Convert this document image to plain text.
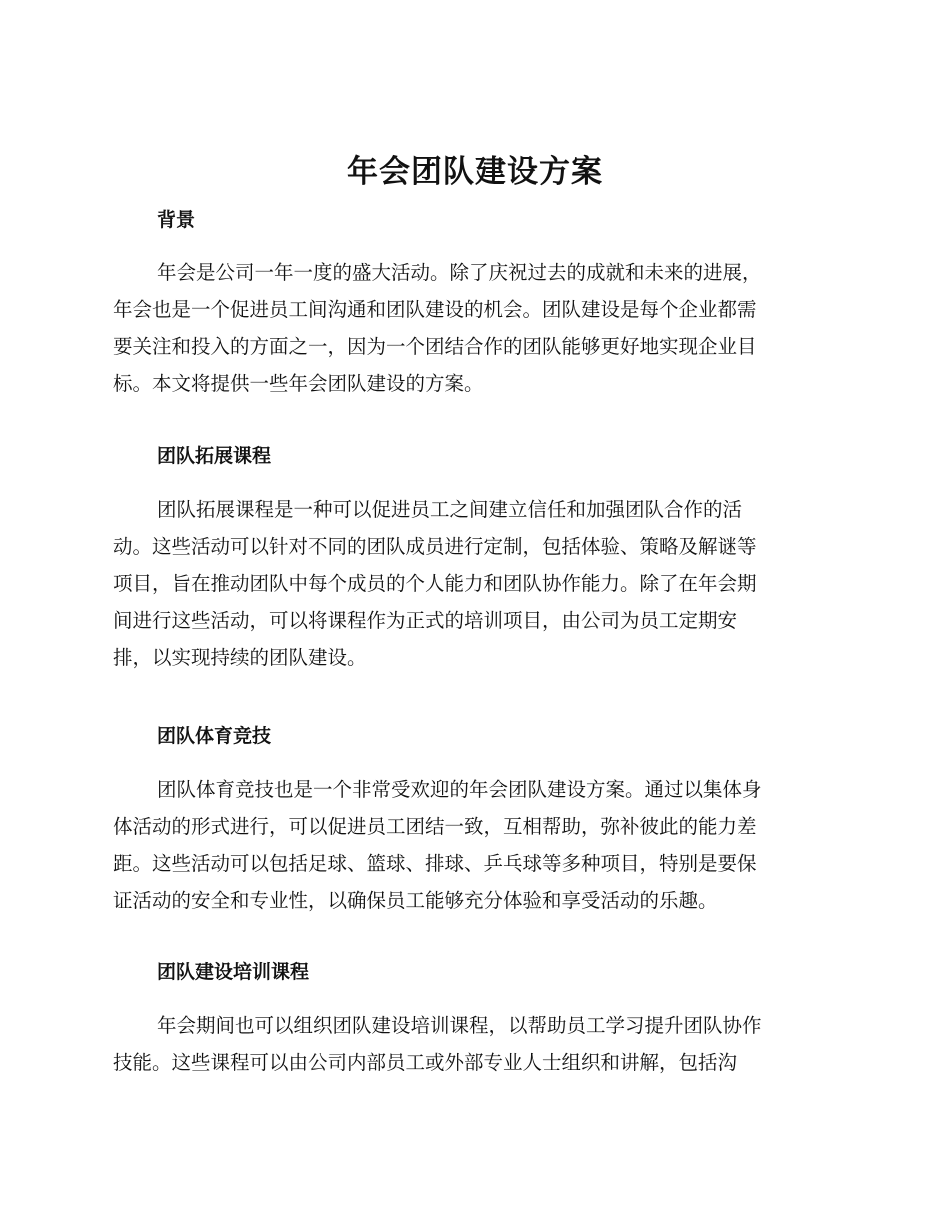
年会团队建设方案
背景
年会是公司一年一度的盛大活动。除了庆祝过去的成就和未来的进展，
年会也是一个促进员工间沟通和团队建设的机会。团队建设是每个企业都需
要关注和投入的方面之一，因为一个团结合作的团队能够更好地实现企业目
标。本文将提供一些年会团队建设的方案。
团队拓展课程
团队拓展课程是一种可以促进员工之间建立信任和加强团队合作的活
动。这些活动可以针对不同的团队成员进行定制，包括体验、策略及解谜等
项目，旨在推动团队中每个成员的个人能力和团队协作能力。除了在年会期
间进行这些活动，可以将课程作为正式的培训项目，由公司为员工定期安
排，以实现持续的团队建设。
团队体育竞技
团队体育竞技也是一个非常受欢迎的年会团队建设方案。通过以集体身
体活动的形式进行，可以促进员工团结一致，互相帮助，弥补彼此的能力差
距。这些活动可以包括足球、篮球、排球、乒乓球等多种项目，特别是要保
证活动的安全和专业性，以确保员工能够充分体验和享受活动的乐趣。
团队建设培训课程
年会期间也可以组织团队建设培训课程，以帮助员工学习提升团队协作
技能。这些课程可以由公司内部员工或外部专业人士组织和讲解，包括沟
